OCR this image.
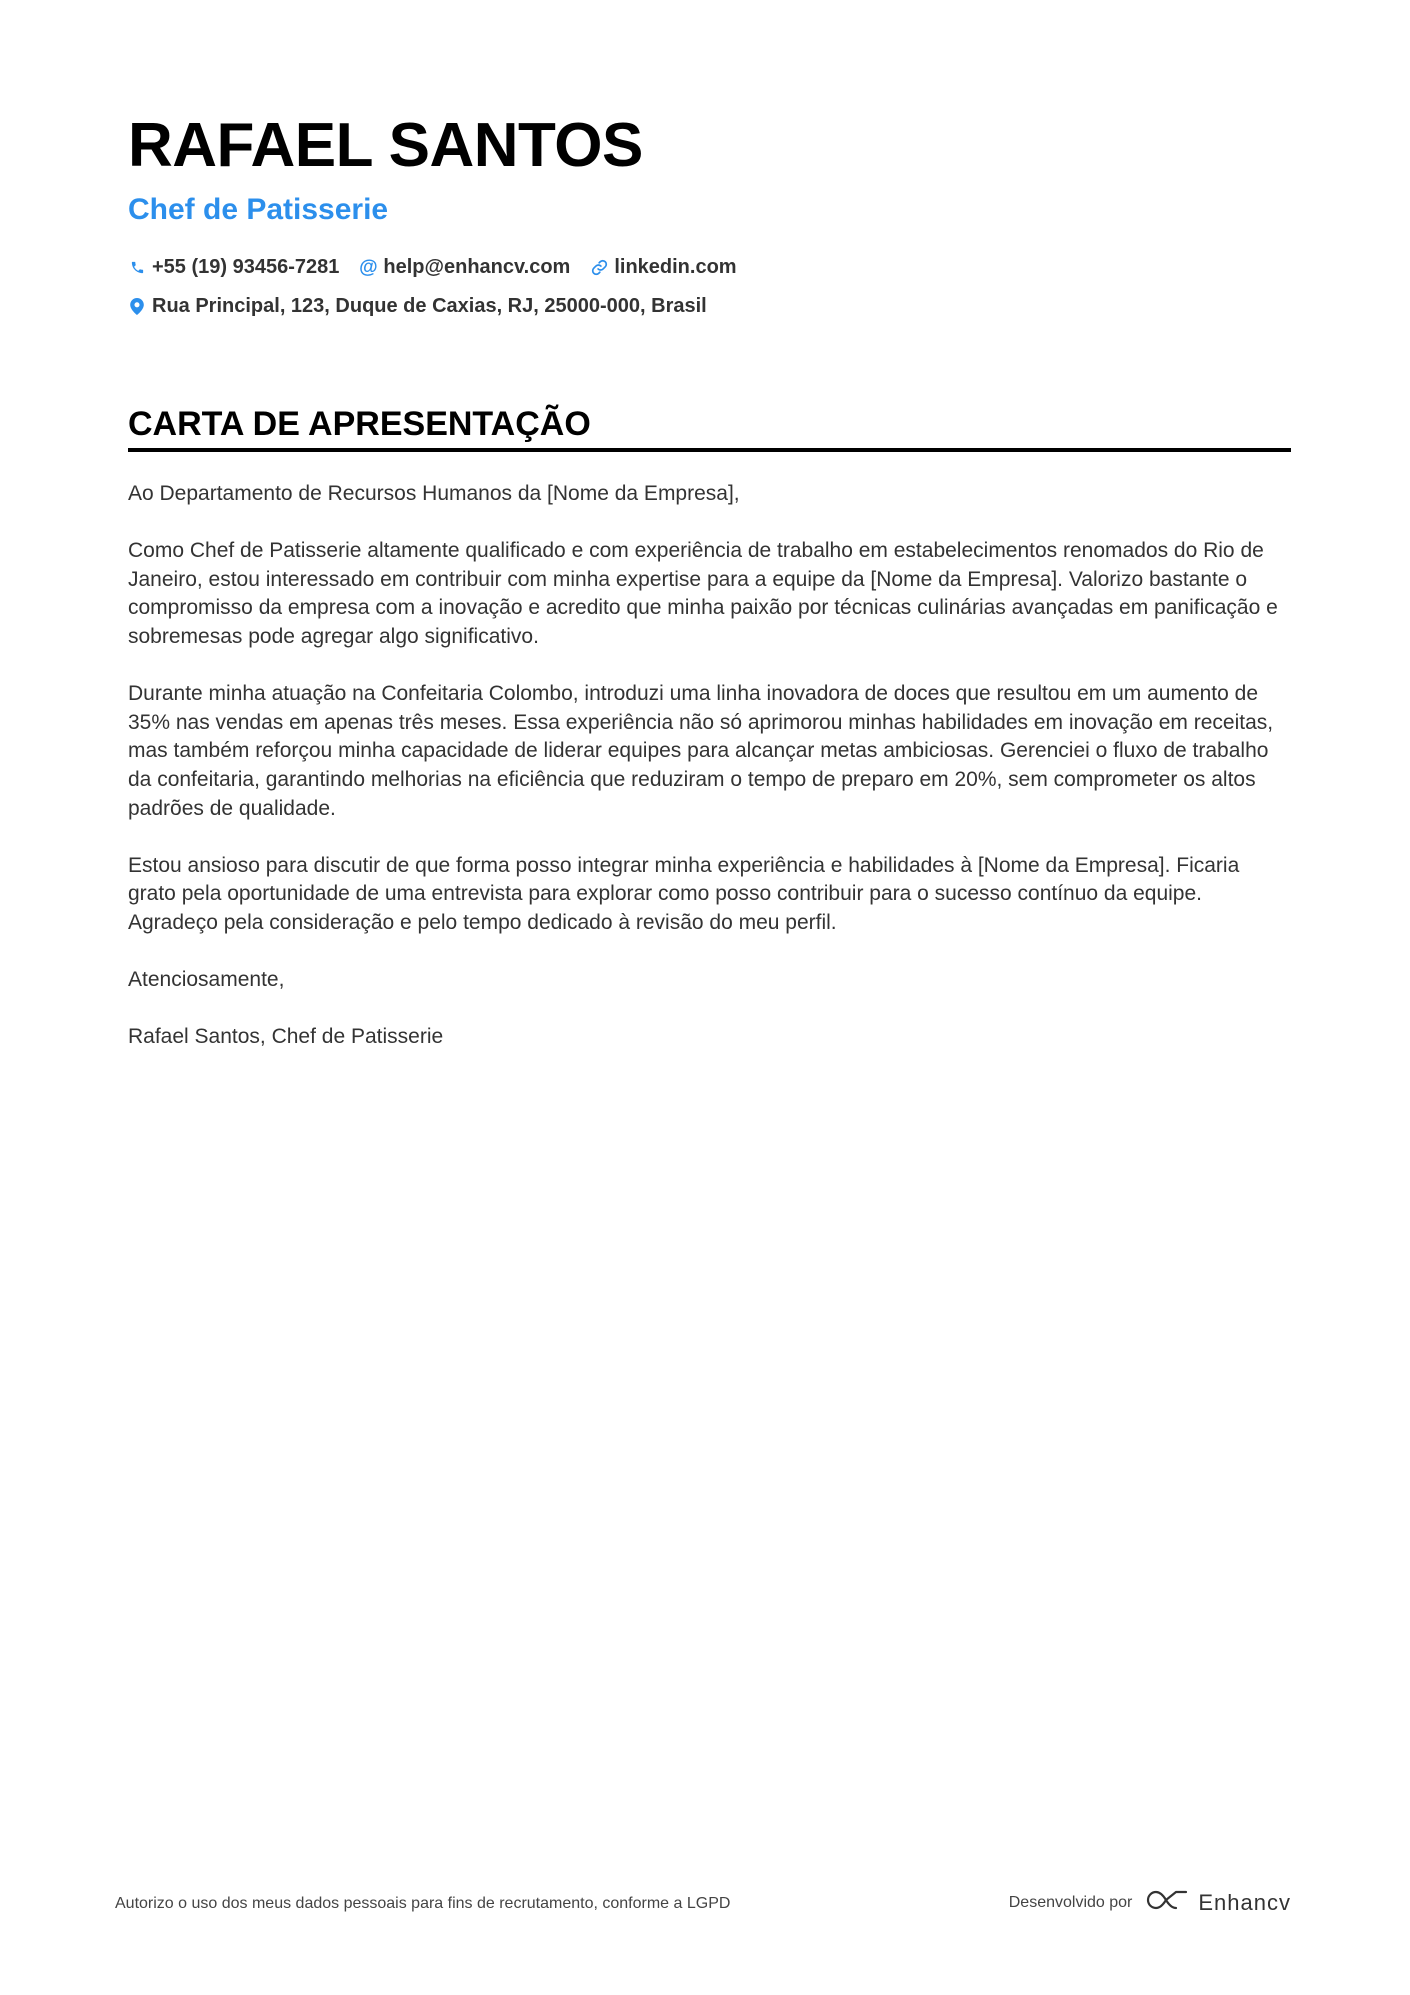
RAFAEL SANTOS
Chef de Patisserie
+55 (19) 93456-7281 @ help@enhancv.com linkedin.com
Rua Principal, 123, Duque de Caxias, RJ, 25000-000, Brasil
CARTA DE APRESENTAÇÃO

Ao Departamento de Recursos Humanos da [Nome da Empresa],

Como Chef de Patisserie altamente qualificado e com experiência de trabalho em estabelecimentos renomados do Rio de Janeiro, estou interessado em contribuir com minha expertise para a equipe da [Nome da Empresa]. Valorizo bastante o compromisso da empresa com a inovação e acredito que minha paixão por técnicas culinárias avançadas em panificação e sobremesas pode agregar algo significativo.

Durante minha atuação na Confeitaria Colombo, introduzi uma linha inovadora de doces que resultou em um aumento de 35% nas vendas em apenas três meses. Essa experiência não só aprimorou minhas habilidades em inovação em receitas, mas também reforçou minha capacidade de liderar equipes para alcançar metas ambiciosas. Gerenciei o fluxo de trabalho da confeitaria, garantindo melhorias na eficiência que reduziram o tempo de preparo em 20%, sem comprometer os altos padrões de qualidade.

Estou ansioso para discutir de que forma posso integrar minha experiência e habilidades à [Nome da Empresa]. Ficaria grato pela oportunidade de uma entrevista para explorar como posso contribuir para o sucesso contínuo da equipe. Agradeço pela consideração e pelo tempo dedicado à revisão do meu perfil.

Atenciosamente,

Rafael Santos, Chef de Patisserie

Autorizo o uso dos meus dados pessoais para fins de recrutamento, conforme a LGPD	Desenvolvido por	Enhancv
